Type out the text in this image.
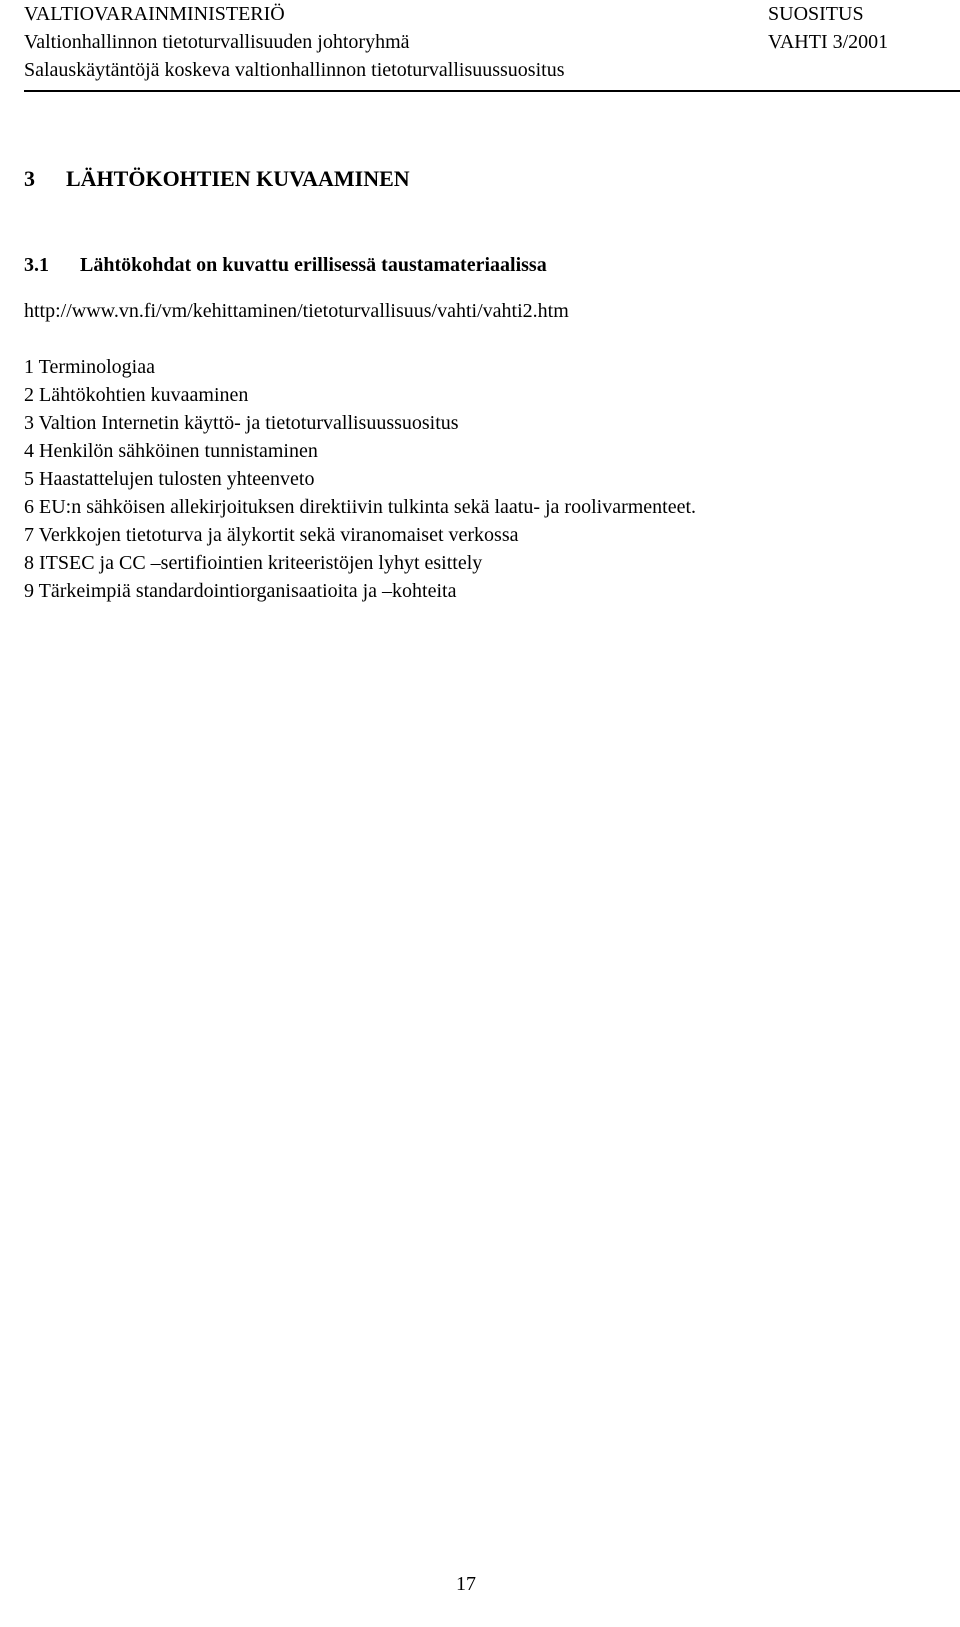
VALTIOVARAINMINISTERIÖ	SUOSITUS
Valtionhallinnon tietoturvallisuuden johtoryhmä	VAHTI 3/2001
Salauskäytäntöjä koskeva valtionhallinnon tietoturvallisuussuositus
3 LÄHTÖKOHTIEN KUVAAMINEN
3.1 Lähtökohdat on kuvattu erillisessä taustamateriaalissa
http://www.vn.fi/vm/kehittaminen/tietoturvallisuus/vahti/vahti2.htm
1 Terminologiaa
2 Lähtökohtien kuvaaminen
3 Valtion Internetin käyttö- ja tietoturvallisuussuositus
4 Henkilön sähköinen tunnistaminen
5 Haastattelujen tulosten yhteenveto
6 EU:n sähköisen allekirjoituksen direktiivin tulkinta sekä laatu- ja roolivarmenteet.
7 Verkkojen tietoturva ja älykortit sekä viranomaiset verkossa
8 ITSEC ja CC –sertifiointien kriteeristöjen lyhyt esittely
9 Tärkeimpiä standardointiorganisaatioita ja –kohteita
17
